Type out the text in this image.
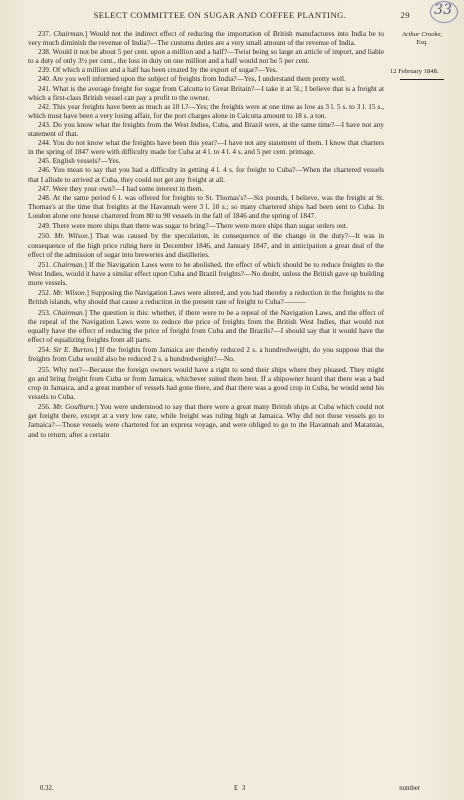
SELECT COMMITTEE ON SUGAR AND COFFEE PLANTING.	29 33
Arthur Crooke,
Esq.
12 February 1848.

237. Chairman.] Would not the indirect effect of reducing the importation of British manufactures into India be to very much diminish the revenue of India?—The customs duties are a very small amount of the revenue of India.

238. Would it not be about 5 per cent. upon a million and a half?—Twist being so large an article of import, and liable to a duty of only 3½ per cent., the loss in duty on one million and a half would not be 5 per cent.

239. Of which a million and a half has been created by the export of sugar?—Yes.

240. Are you well informed upon the subject of freights from India?—Yes, I understand them pretty well.

241. What is the average freight for sugar from Calcutta to Great Britain?—I take it at 5l.; I believe that is a freight at which a first-class British vessel can pay a profit to the owner.

242. This year freights have been as much as 10 l.?—Yes; the freights were at one time as low as 3 l. 5 s. to 3 l. 15 s., which must have been a very losing affair, for the port charges alone in Calcutta amount to 18 s. a ton.

243. Do you know what the freights from the West Indies, Cuba, and Brazil were, at the same time?—I have not any statement of that.

244. You do not know what the freights have been this year?—I have not any statement of them. I know that charters in the spring of 1847 were with difficulty made for Cuba at 4 l. to 4 l. 4 s. and 5 per cent. primage.

245. English vessels?—Yes.

246. You mean to say that you had a difficulty in getting 4 l. 4 s. for freight to Cuba?—When the chartered vessels that I allude to arrived at Cuba, they could not get any freight at all.

247. Were they your own?—I had some interest in them.

248. At the same period 6 l. was offered for freights to St. Thomas's?—Six pounds, I believe, was the freight at St. Thomas's at the time that freights at the Havannah were 3 l. 10 s.; so many chartered ships had been sent to Cuba. In London alone one house chartered from 80 to 90 vessels in the fall of 1846 and the spring of 1847.

249. There were more ships than there was sugar to bring?—There were more ships than sugar orders out.

250. Mr. Wilson.] That was caused by the speculation, in consequence of the change in the duty?—It was in consequence of the high price ruling here in December 1846, and January 1847, and in anticipation a great deal of the effect of the admission of sugar into breweries and distilleries.

251. Chairman.] If the Navigation Laws were to be abolished, the effect of which should be to reduce freights to the West Indies, would it have a similar effect upon Cuba and Brazil freights?—No doubt, unless the British gave up building more vessels.

252. Mr. Wilson.] Supposing the Navigation Laws were altered, and you had thereby a reduction in the freights to the British islands, why should that cause a reduction in the present rate of freight to Cuba?———

253. Chairman.] The question is this: whether, if there were to be a repeal of the Navigation Laws, and the effect of the repeal of the Navigation Laws were to reduce the price of freights from the British West Indies, that would not equally have the effect of reducing the price of freight from Cuba and the Brazils?—I should say that it would have the effect of equalizing freights from all parts.

254. Sir E. Burton.] If the freights from Jamaica are thereby reduced 2 s. a hundredweight, do you suppose that the freights from Cuba would also be reduced 2 s. a hundredweight?—No.

255. Why not?—Because the foreign owners would have a right to send their ships where they pleased. They might go and bring freight from Cuba or from Jamaica, whichever suited them best. If a shipowner heard that there was a bad crop in Jamaica, and a great number of vessels had gone there, and that there was a good crop in Cuba, he would send his vessels to Cuba.

256. Mr. Goulburn.] You were understood to say that there were a great many British ships at Cuba which could not get freight there, except at a very low rate, while freight was ruling high at Jamaica. Why did not those vessels go to Jamaica?—Those vessels were chartered for an express voyage, and were obliged to go to the Havannah and Matanzas, and to return; after a certain

0.32.	E 3	number
